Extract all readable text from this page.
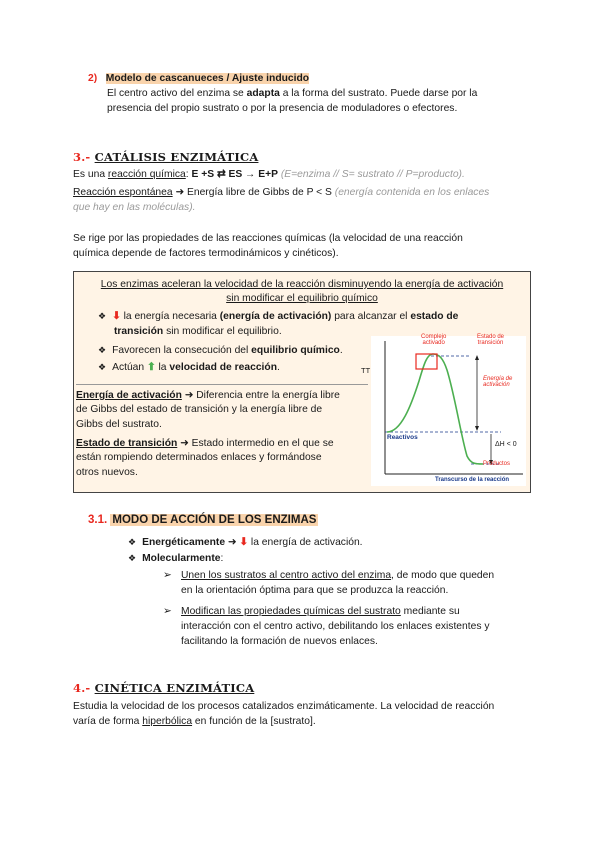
2) Modelo de cascanueces / Ajuste inducido
El centro activo del enzima se adapta a la forma del sustrato. Puede darse por la
presencia del propio sustrato o por la presencia de moduladores o efectores.
3.- CATÁLISIS ENZIMÁTICA

Es una reacción química: E +S ⇄ ES → E+P (E=enzima // S= sustrato // P=producto).

Reacción espontánea ➜ Energía libre de Gibbs de P < S (energía contenida en los enlaces
que hay en las moléculas).

Se rige por las propiedades de las reacciones químicas (la velocidad de una reacción
química depende de factores termodinámicos y cinéticos).

Los enzimas aceleran la velocidad de la reacción disminuyendo la energía de activación
sin modificar el equilibrio químico
❖ ⬇ la energía necesaria (energía de activación) para alcanzar el estado de
transición sin modificar el equilibrio.
❖ Favorecen la consecución del equilibrio químico.
❖ Actúan ⬆ la velocidad de reacción.
Energía de activación ➜ Diferencia entre la energía libre
de Gibbs del estado de transición y la energía libre de
Gibbs del sustrato.
Estado de transición ➜ Estado intermedio en el que se
están rompiendo determinados enlaces y formándose
otros nuevos.
TT
Complejo
activado
Estado de
transición
Energía de
activación
Reactivos
ΔH < 0
Productos
Transcurso de la reacción
3.1. MODO DE ACCIÓN DE LOS ENZIMAS

❖ Energéticamente ➜ ⬇ la energía de activación.

❖ Molecularmente:

➢ Unen los sustratos al centro activo del enzima, de modo que queden
en la orientación óptima para que se produzca la reacción.
➢ Modifican las propiedades químicas del sustrato mediante su
interacción con el centro activo, debilitando los enlaces existentes y
facilitando la formación de nuevos enlaces.
4.- CINÉTICA ENZIMÁTICA
Estudia la velocidad de los procesos catalizados enzimáticamente. La velocidad de reacción
varía de forma hiperbólica en función de la [sustrato].
